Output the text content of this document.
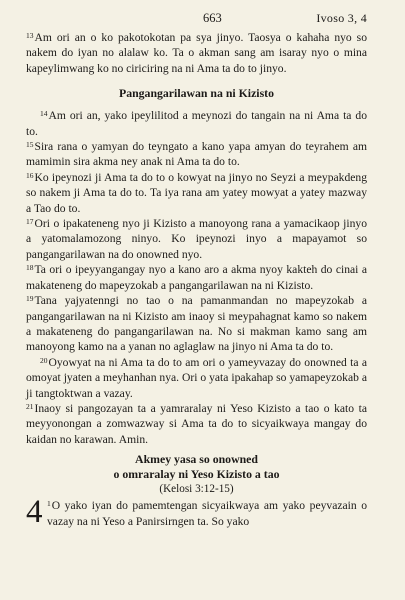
663	Ivoso 3, 4

$^{13}$Am ori an o ko pakotokotan pa sya jinyo. Taosya o kahaha nyo so nakem do iyan no alalaw ko. Ta o akman sang am isaray nyo o mina kapeylimwang ko no ciriciring na ni Ama ta do to jinyo.

Pangangarilawan na ni Kizisto

$^{14}$Am ori an, yako ipeylilitod a meynozi do tangain na ni Ama ta do to.

$^{15}$Sira rana o yamyan do teyngato a kano yapa amyan do teyrahem am mamimin sira akma ney anak ni Ama ta do to.

$^{16}$Ko ipeynozi ji Ama ta do to o kowyat na jinyo no Seyzi a meypakdeng so nakem ji Ama ta do to. Ta iya rana am yatey mowyat a yatey mazway a Tao do to.

$^{17}$Ori o ipakateneng nyo ji Kizisto a manoyong rana a yamacikaop jinyo a yatomalamozong ninyo. Ko ipeynozi inyo a mapayamot so pangangarilawan na do onowned nyo.

$^{18}$Ta ori o ipeyyangangay nyo a kano aro a akma nyoy kakteh do cinai a makateneng do mapeyzokab a pangangarilawan na ni Kizisto.

$^{19}$Tana yajyatenngi no tao o na pamanmandan no mapeyzokab a pangangarilawan na ni Kizisto am inaoy si meypahagnat kamo so nakem a makateneng do pangangarilawan na. No si makman kamo sang am manoyong kamo na a yanan no aglaglaw na jinyo ni Ama ta do to.

$^{20}$Oyowyat na ni Ama ta do to am ori o yameyvazay do onowned ta a omoyat jyaten a meyhanhan nya. Ori o yata ipakahap so yamapeyzokab a ji tangtoktwan a vazay.

$^{21}$Inaoy si pangozayan ta a yamraralay ni Yeso Kizisto a tao o kato ta meyyonongan a zomwazway si Ama ta do to sicyaikwaya mangay do kaidan no karawan. Amin.

Akmey yasa so onowned

o omraralay ni Yeso Kizisto a tao

(Kelosi 3:12-15)

4 $^1$O yako iyan do pamemtengan sicyaikwaya am yako peyvazain o vazay na ni Yeso a Panirsirngen ta. So yako
